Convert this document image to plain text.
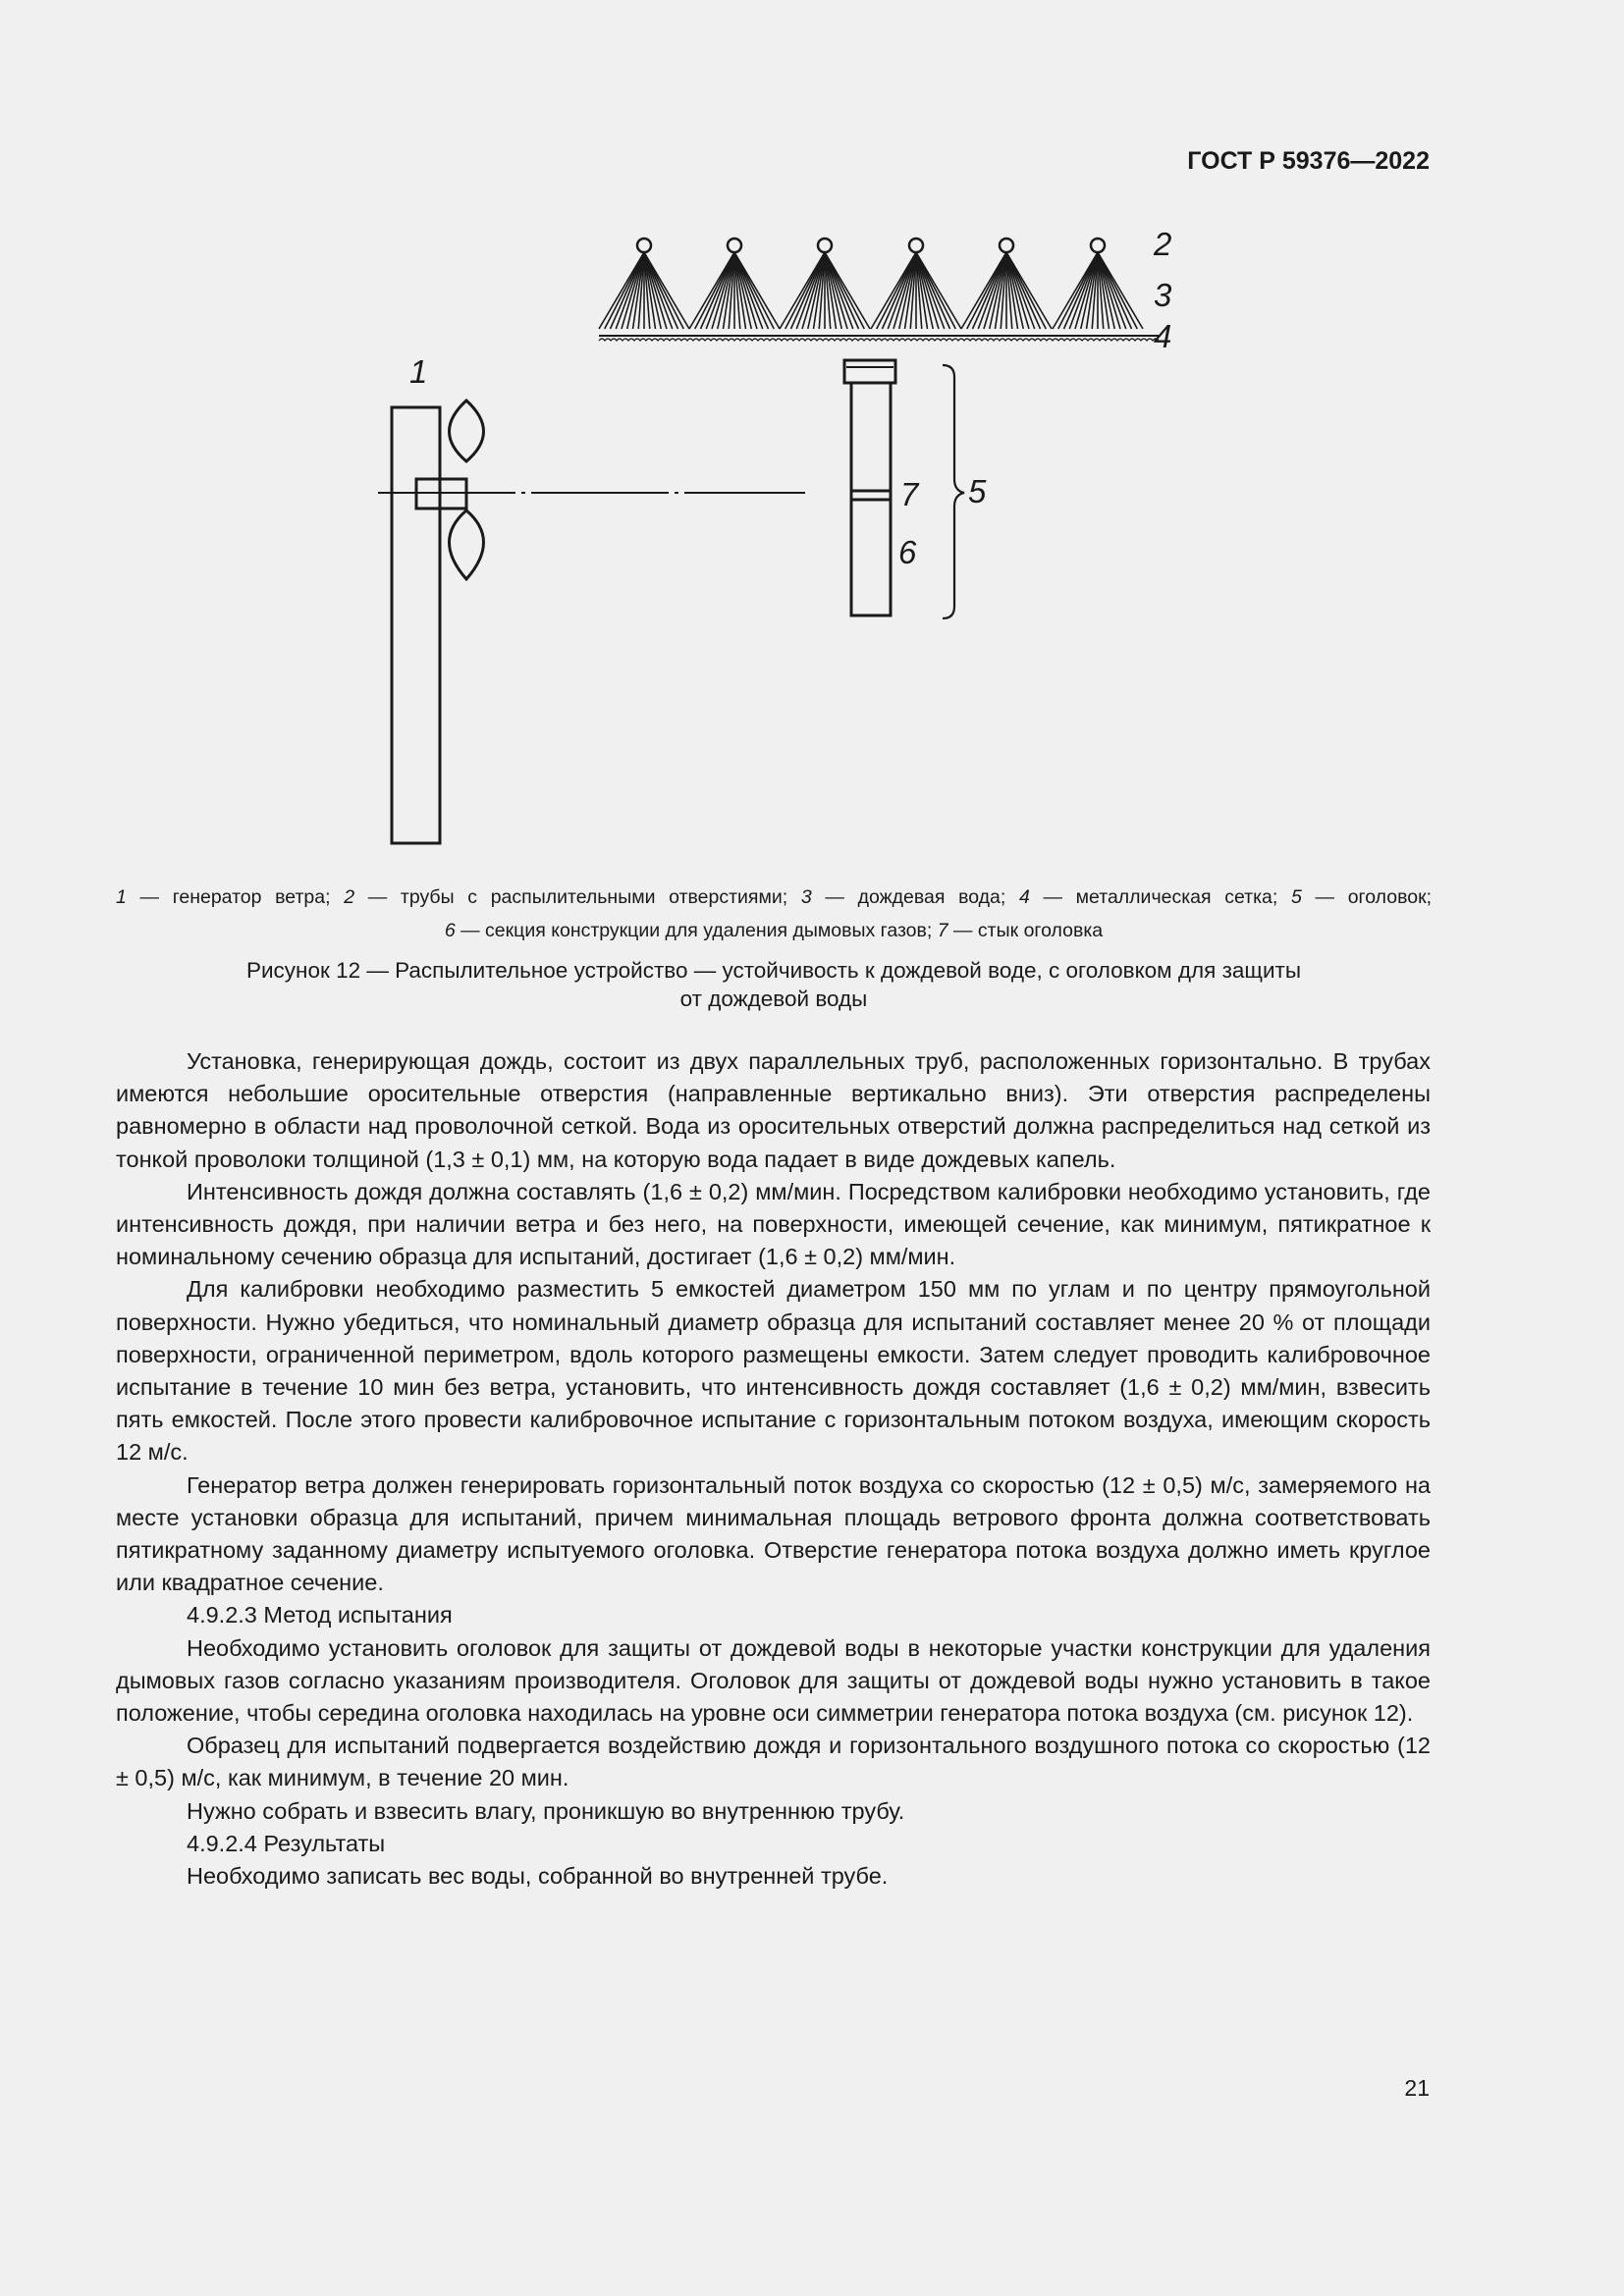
ГОСТ Р 59376—2022
2
3
4
1
7 5
6
1 — генератор ветра; 2 — трубы с распылительными отверстиями; 3 — дождевая вода; 4 — металлическая сетка; 5 — оголовок;
6 — секция конструкции для удаления дымовых газов; 7 — стык оголовка
Рисунок 12 — Распылительное устройство — устойчивость к дождевой воде, с оголовком для защиты
от дождевой воды

Установка, генерирующая дождь, состоит из двух параллельных труб, расположенных горизонтально. В трубах имеются небольшие оросительные отверстия (направленные вертикально вниз). Эти отверстия распределены равномерно в области над проволочной сеткой. Вода из оросительных отверстий должна распределиться над сеткой из тонкой проволоки толщиной (1,3 ± 0,1) мм, на которую вода падает в виде дождевых капель.

Интенсивность дождя должна составлять (1,6 ± 0,2) мм/мин. Посредством калибровки необходимо установить, где интенсивность дождя, при наличии ветра и без него, на поверхности, имеющей сечение, как минимум, пятикратное к номинальному сечению образца для испытаний, достигает (1,6 ± 0,2) мм/мин.

Для калибровки необходимо разместить 5 емкостей диаметром 150 мм по углам и по центру прямоугольной поверхности. Нужно убедиться, что номинальный диаметр образца для испытаний составляет менее 20 % от площади поверхности, ограниченной периметром, вдоль которого размещены емкости. Затем следует проводить калибровочное испытание в течение 10 мин без ветра, установить, что интенсивность дождя составляет (1,6 ± 0,2) мм/мин, взвесить пять емкостей. После этого провести калибровочное испытание с горизонтальным потоком воздуха, имеющим скорость 12 м/с.

Генератор ветра должен генерировать горизонтальный поток воздуха со скоростью (12 ± 0,5) м/с, замеряемого на месте установки образца для испытаний, причем минимальная площадь ветрового фронта должна соответствовать пятикратному заданному диаметру испытуемого оголовка. Отверстие генератора потока воздуха должно иметь круглое или квадратное сечение.

4.9.2.3 Метод испытания

Необходимо установить оголовок для защиты от дождевой воды в некоторые участки конструкции для удаления дымовых газов согласно указаниям производителя. Оголовок для защиты от дождевой воды нужно установить в такое положение, чтобы середина оголовка находилась на уровне оси симметрии генератора потока воздуха (см. рисунок 12).

Образец для испытаний подвергается воздействию дождя и горизонтального воздушного потока со скоростью (12 ± 0,5) м/с, как минимум, в течение 20 мин.

Нужно собрать и взвесить влагу, проникшую во внутреннюю трубу.

4.9.2.4 Результаты

Необходимо записать вес воды, собранной во внутренней трубе.

21
